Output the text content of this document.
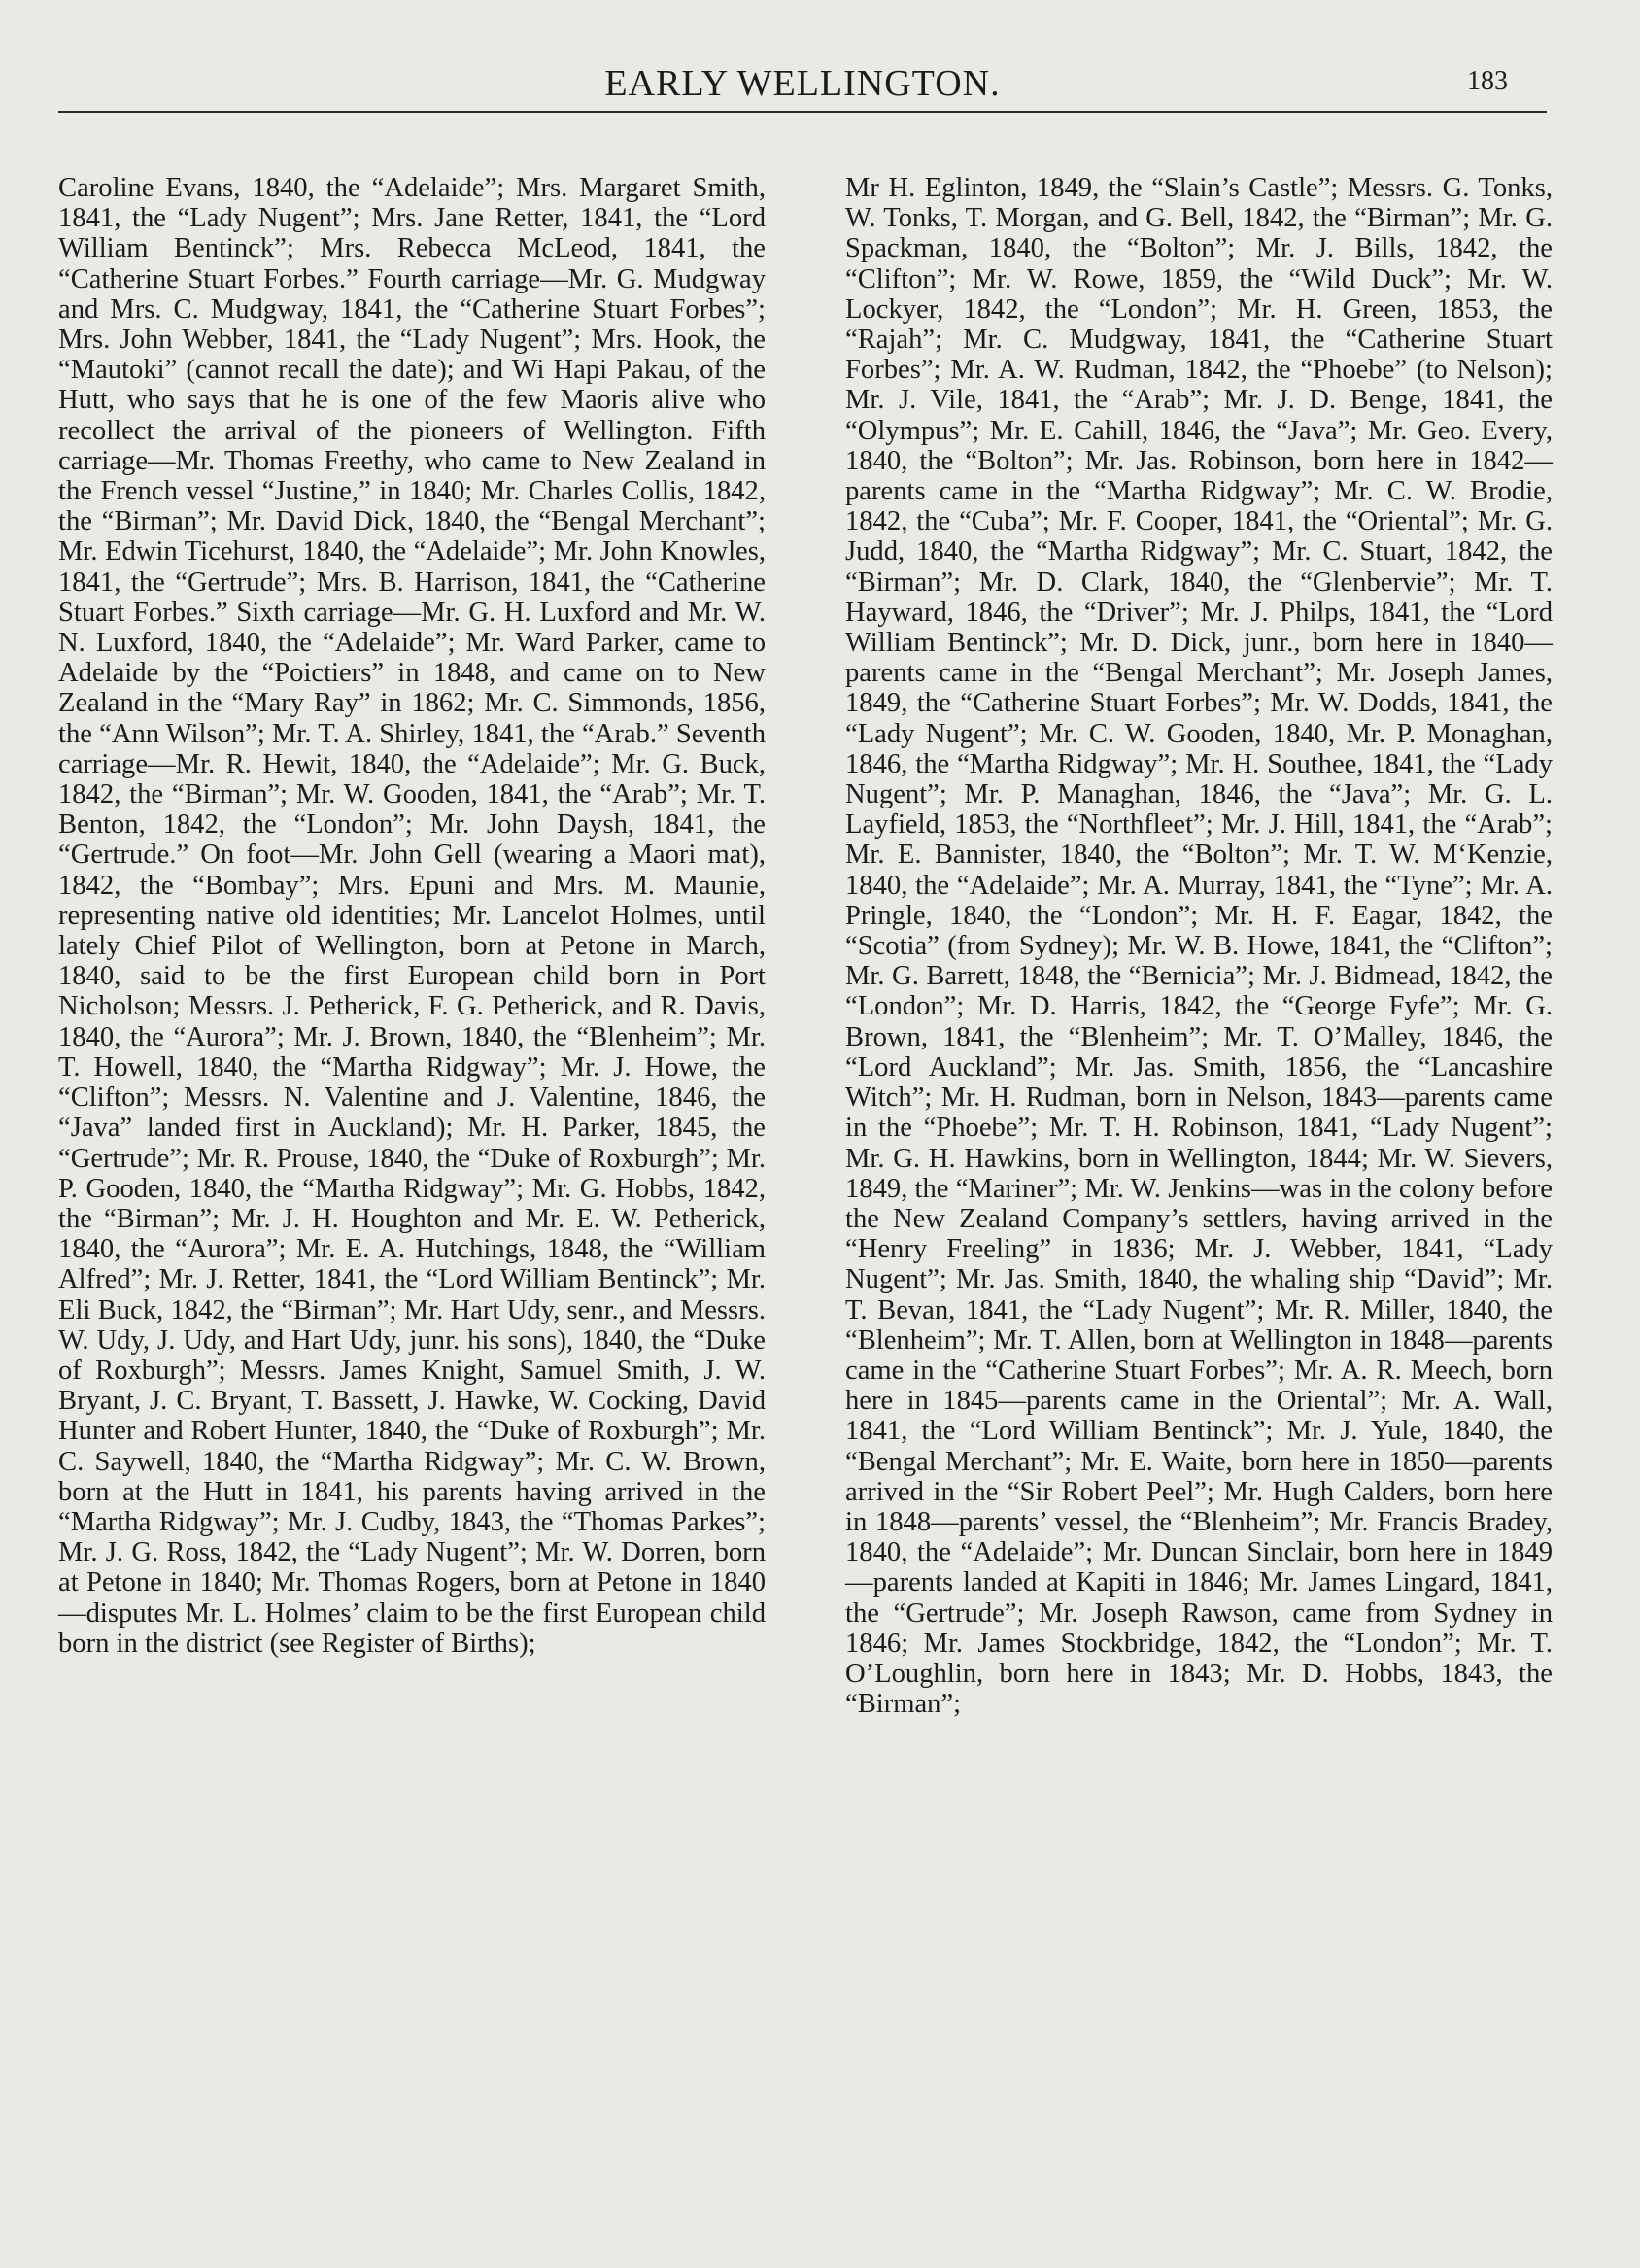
EARLY WELLINGTON.	183

Caroline Evans, 1840, the “Adelaide”; Mrs. Margaret Smith, 1841, the “Lady Nugent”; Mrs. Jane Retter, 1841, the “Lord William Bentinck”; Mrs. Rebecca McLeod, 1841, the “Catherine Stuart Forbes.” Fourth carriage—Mr. G. Mudgway and Mrs. C. Mudgway, 1841, the “Catherine Stuart Forbes”; Mrs. John Webber, 1841, the “Lady Nugent”; Mrs. Hook, the “Mautoki” (cannot recall the date); and Wi Hapi Pakau, of the Hutt, who says that he is one of the few Maoris alive who recollect the arrival of the pioneers of Wellington. Fifth carriage—Mr. Thomas Freethy, who came to New Zealand in the French vessel “Justine,” in 1840; Mr. Charles Collis, 1842, the “Birman”; Mr. David Dick, 1840, the “Bengal Merchant”; Mr. Edwin Ticehurst, 1840, the “Adelaide”; Mr. John Knowles, 1841, the “Gertrude”; Mrs. B. Harrison, 1841, the “Catherine Stuart Forbes.” Sixth carriage—Mr. G. H. Luxford and Mr. W. N. Luxford, 1840, the “Adelaide”; Mr. Ward Parker, came to Adelaide by the “Poictiers” in 1848, and came on to New Zealand in the “Mary Ray” in 1862; Mr. C. Simmonds, 1856, the “Ann Wilson”; Mr. T. A. Shirley, 1841, the “Arab.” Seventh carriage—Mr. R. Hewit, 1840, the “Adelaide”; Mr. G. Buck, 1842, the “Birman”; Mr. W. Gooden, 1841, the “Arab”; Mr. T. Benton, 1842, the “London”; Mr. John Daysh, 1841, the “Gertrude.” On foot—Mr. John Gell (wearing a Maori mat), 1842, the “Bombay”; Mrs. Epuni and Mrs. M. Maunie, representing native old identities; Mr. Lancelot Holmes, until lately Chief Pilot of Wellington, born at Petone in March, 1840, said to be the first European child born in Port Nicholson; Messrs. J. Petherick, F. G. Petherick, and R. Davis, 1840, the “Aurora”; Mr. J. Brown, 1840, the “Blenheim”; Mr. T. Howell, 1840, the “Martha Ridgway”; Mr. J. Howe, the “Clifton”; Messrs. N. Valentine and J. Valentine, 1846, the “Java” landed first in Auckland); Mr. H. Parker, 1845, the “Gertrude”; Mr. R. Prouse, 1840, the “Duke of Roxburgh”; Mr. P. Gooden, 1840, the “Martha Ridgway”; Mr. G. Hobbs, 1842, the “Birman”; Mr. J. H. Houghton and Mr. E. W. Petherick, 1840, the “Aurora”; Mr. E. A. Hutchings, 1848, the “William Alfred”; Mr. J. Retter, 1841, the “Lord William Bentinck”; Mr. Eli Buck, 1842, the “Birman”; Mr. Hart Udy, senr., and Messrs. W. Udy, J. Udy, and Hart Udy, junr. his sons), 1840, the “Duke of Roxburgh”; Messrs. James Knight, Samuel Smith, J. W. Bryant, J. C. Bryant, T. Bassett, J. Hawke, W. Cocking, David Hunter and Robert Hunter, 1840, the “Duke of Roxburgh”; Mr. C. Saywell, 1840, the “Martha Ridgway”; Mr. C. W. Brown, born at the Hutt in 1841, his parents having arrived in the “Martha Ridgway”; Mr. J. Cudby, 1843, the “Thomas Parkes”; Mr. J. G. Ross, 1842, the “Lady Nugent”; Mr. W. Dorren, born at Petone in 1840; Mr. Thomas Rogers, born at Petone in 1840—disputes Mr. L. Holmes’ claim to be the first European child born in the district (see Register of Births);

Mr H. Eglinton, 1849, the “Slain’s Castle”; Messrs. G. Tonks, W. Tonks, T. Morgan, and G. Bell, 1842, the “Birman”; Mr. G. Spackman, 1840, the “Bolton”; Mr. J. Bills, 1842, the “Clifton”; Mr. W. Rowe, 1859, the “Wild Duck”; Mr. W. Lockyer, 1842, the “London”; Mr. H. Green, 1853, the “Rajah”; Mr. C. Mudgway, 1841, the “Catherine Stuart Forbes”; Mr. A. W. Rudman, 1842, the “Phoebe” (to Nelson); Mr. J. Vile, 1841, the “Arab”; Mr. J. D. Benge, 1841, the “Olympus”; Mr. E. Cahill, 1846, the “Java”; Mr. Geo. Every, 1840, the “Bolton”; Mr. Jas. Robinson, born here in 1842—parents came in the “Martha Ridgway”; Mr. C. W. Brodie, 1842, the “Cuba”; Mr. F. Cooper, 1841, the “Oriental”; Mr. G. Judd, 1840, the “Martha Ridgway”; Mr. C. Stuart, 1842, the “Birman”; Mr. D. Clark, 1840, the “Glenbervie”; Mr. T. Hayward, 1846, the “Driver”; Mr. J. Philps, 1841, the “Lord William Bentinck”; Mr. D. Dick, junr., born here in 1840—parents came in the “Bengal Merchant”; Mr. Joseph James, 1849, the “Catherine Stuart Forbes”; Mr. W. Dodds, 1841, the “Lady Nugent”; Mr. C. W. Gooden, 1840, Mr. P. Monaghan, 1846, the “Martha Ridgway”; Mr. H. Southee, 1841, the “Lady Nugent”; Mr. P. Managhan, 1846, the “Java”; Mr. G. L. Layfield, 1853, the “Northfleet”; Mr. J. Hill, 1841, the “Arab”; Mr. E. Bannister, 1840, the “Bolton”; Mr. T. W. M‘Kenzie, 1840, the “Adelaide”; Mr. A. Murray, 1841, the “Tyne”; Mr. A. Pringle, 1840, the “London”; Mr. H. F. Eagar, 1842, the “Scotia” (from Sydney); Mr. W. B. Howe, 1841, the “Clifton”; Mr. G. Barrett, 1848, the “Bernicia”; Mr. J. Bidmead, 1842, the “London”; Mr. D. Harris, 1842, the “George Fyfe”; Mr. G. Brown, 1841, the “Blenheim”; Mr. T. O’Malley, 1846, the “Lord Auckland”; Mr. Jas. Smith, 1856, the “Lancashire Witch”; Mr. H. Rudman, born in Nelson, 1843—parents came in the “Phoebe”; Mr. T. H. Robinson, 1841, “Lady Nugent”; Mr. G. H. Hawkins, born in Wellington, 1844; Mr. W. Sievers, 1849, the “Mariner”; Mr. W. Jenkins—was in the colony before the New Zealand Company’s settlers, having arrived in the “Henry Freeling” in 1836; Mr. J. Webber, 1841, “Lady Nugent”; Mr. Jas. Smith, 1840, the whaling ship “David”; Mr. T. Bevan, 1841, the “Lady Nugent”; Mr. R. Miller, 1840, the “Blenheim”; Mr. T. Allen, born at Wellington in 1848—parents came in the “Catherine Stuart Forbes”; Mr. A. R. Meech, born here in 1845—parents came in the Oriental”; Mr. A. Wall, 1841, the “Lord William Bentinck”; Mr. J. Yule, 1840, the “Bengal Merchant”; Mr. E. Waite, born here in 1850—parents arrived in the “Sir Robert Peel”; Mr. Hugh Calders, born here in 1848—parents’ vessel, the “Blenheim”; Mr. Francis Bradey, 1840, the “Adelaide”; Mr. Duncan Sinclair, born here in 1849—parents landed at Kapiti in 1846; Mr. James Lingard, 1841, the “Gertrude”; Mr. Joseph Rawson, came from Sydney in 1846; Mr. James Stockbridge, 1842, the “London”; Mr. T. O’Loughlin, born here in 1843; Mr. D. Hobbs, 1843, the “Birman”;
